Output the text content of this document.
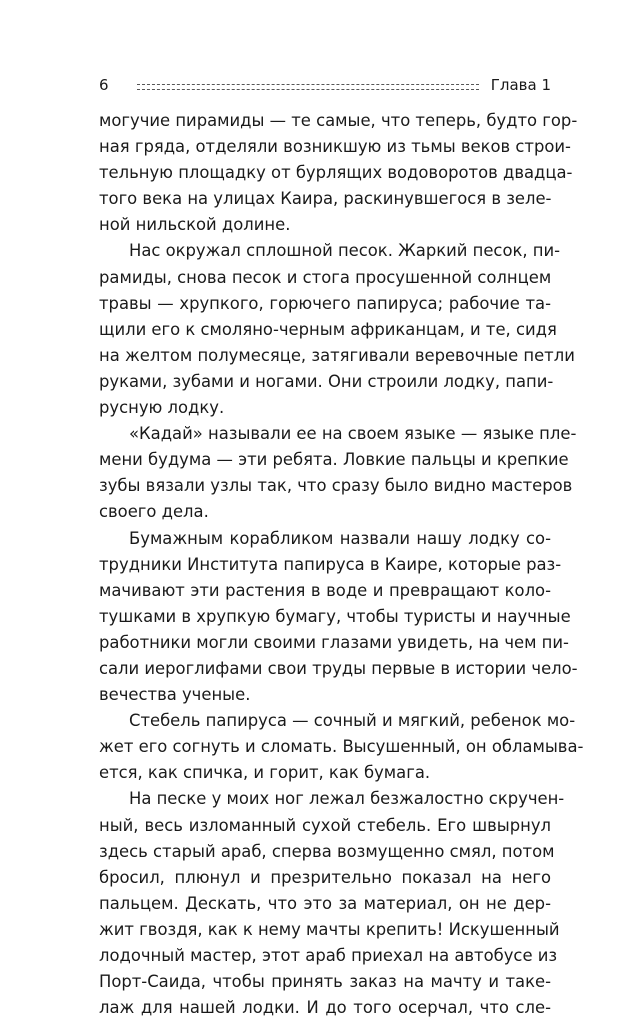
6	Глава 1
могучие пирамиды — те самые, что теперь, будто гор-
ная гряда, отделяли возникшую из тьмы веков строи-
тельную площадку от бурлящих водоворотов двадца-
того века на улицах Каира, раскинувшегося в зеле-
ной нильской долине.
Нас окружал сплошной песок. Жаркий песок, пи-
рамиды, снова песок и стога просушенной солнцем
травы — хрупкого, горючего папируса; рабочие та-
щили его к смоляно-черным африканцам, и те, сидя
на желтом полумесяце, затягивали веревочные петли
руками, зубами и ногами. Они строили лодку, папи-
русную лодку.
«Кадай» называли ее на своем языке — языке пле-
мени будума — эти ребята. Ловкие пальцы и крепкие
зубы вязали узлы так, что сразу было видно мастеров
своего дела.
Бумажным корабликом назвали нашу лодку со-
трудники Института папируса в Каире, которые раз-
мачивают эти растения в воде и превращают коло-
тушками в хрупкую бумагу, чтобы туристы и научные
работники могли своими глазами увидеть, на чем пи-
сали иероглифами свои труды первые в истории чело-
вечества ученые.
Стебель папируса — сочный и мягкий, ребенок мо-
жет его согнуть и сломать. Высушенный, он обламыва-
ется, как спичка, и горит, как бумага.
На песке у моих ног лежал безжалостно скручен-
ный, весь изломанный сухой стебель. Его швырнул
здесь старый араб, сперва возмущенно смял, потом
бросил, плюнул и презрительно показал на него
пальцем. Дескать, что это за материал, он не дер-
жит гвоздя, как к нему мачты крепить! Искушенный
лодочный мастер, этот араб приехал на автобусе из
Порт-Саида, чтобы принять заказ на мачту и таке-
лаж для нашей лодки. И до того осерчал, что сле-
